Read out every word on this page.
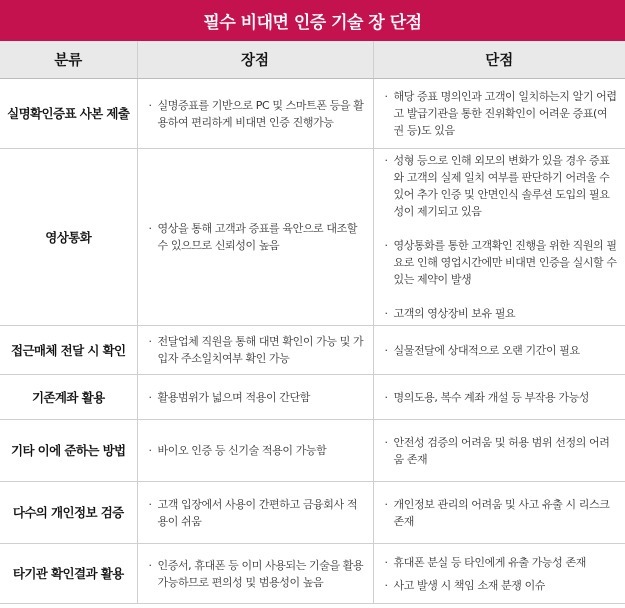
필수 비대면 인증 기술 장 단점
분류	장점	단점
실명확인증표 사본 제출	· 실명증표를 기반으로 PC 및 스마트폰 등을 활용하여 편리하게 비대면 인증 진행가능	· 해당 증표 명의인과 고객이 일치하는지 알기 어렵고 발급기관을 통한 진위확인이 어려운 증표(여권 등)도 있음

영상통화	· 영상을 통해 고객과 증표를 육안으로 대조할 수 있으므로 신뢰성이 높음	· 성형 등으로 인해 외모의 변화가 있을 경우 증표와 고객의 실제 일치 여부를 판단하기 어려울 수 있어 추가 인증 및 안면인식 솔루션 도입의 필요성이 제기되고 있음
· 영상통화를 통한 고객확인 진행을 위한 직원의 필요로 인해 영업시간에만 비대면 인증을 실시할 수 있는 제약이 발생
· 고객의 영상장비 보유 필요

접근매체 전달 시 확인	· 전달업체 직원을 통해 대면 확인이 가능 및 가입자 주소일치여부 확인 가능	· 실물전달에 상대적으로 오랜 기간이 필요

기존계좌 활용	· 활용범위가 넓으며 적용이 간단함	· 명의도용, 복수 계좌 개설 등 부작용 가능성

기타 이에 준하는 방법	· 바이오 인증 등 신기술 적용이 가능함	· 안전성 검증의 어려움 및 허용 범위 선정의 어려움 존재

다수의 개인정보 검증	· 고객 입장에서 사용이 간편하고 금융회사 적용이 쉬움	· 개인정보 관리의 어려움 및 사고 유출 시 리스크 존재

타기관 확인결과 활용	· 인증서, 휴대폰 등 이미 사용되는 기술을 활용 가능하므로 편의성 및 범용성이 높음	· 휴대폰 분실 등 타인에게 유출 가능성 존재
· 사고 발생 시 책임 소재 분쟁 이슈
